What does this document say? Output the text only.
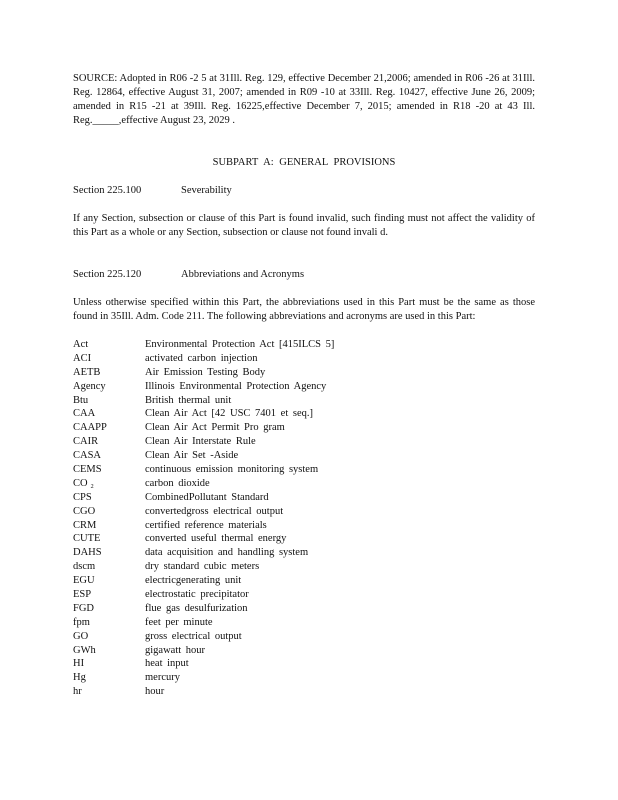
SOURCE: Adopted in R06 -2 5 at 31Ill. Reg. 129, effective December 21,2006; amended in R06 -26 at 31Ill. Reg. 12864, effective August 31, 2007; amended in R09 -10 at 33Ill. Reg. 10427, effective June 26, 2009; amended in R15 -21 at 39Ill. Reg. 16225,effective December 7, 2015; amended in R18 -20 at 43 Ill. Reg._____,effective August 23, 2029 .

SUBPART A: GENERAL PROVISIONS

Section 225.100	Severability

If any Section, subsection or clause of this Part is found invalid, such finding must not affect the validity of this Part as a whole or any Section, subsection or clause not found invali d.

Section 225.120	Abbreviations and Acronyms

Unless otherwise specified within this Part, the abbreviations used in this Part must be the same as those found in 35Ill. Adm. Code 211. The following abbreviations and acronyms are used in this Part:

Act	Environmental Protection Act [415ILCS 5]
ACI	activated carbon injection
AETB	Air Emission Testing Body
Agency	Illinois Environmental Protection Agency
Btu	British thermal unit
CAA	Clean Air Act [42 USC 7401 et seq.]
CAAPP	Clean Air Act Permit Pro gram
CAIR	Clean Air Interstate Rule
CASA	Clean Air Set -Aside
CEMS	continuous emission monitoring system
CO ₂	carbon dioxide
CPS	CombinedPollutant Standard
CGO	convertedgross electrical output
CRM	certified reference materials
CUTE	converted useful thermal energy
DAHS	data acquisition and handling system
dscm	dry standard cubic meters
EGU	electricgenerating unit
ESP	electrostatic precipitator
FGD	flue gas desulfurization
fpm	feet per minute
GO	gross electrical output
GWh	gigawatt hour
HI	heat input
Hg	mercury
hr	hour
